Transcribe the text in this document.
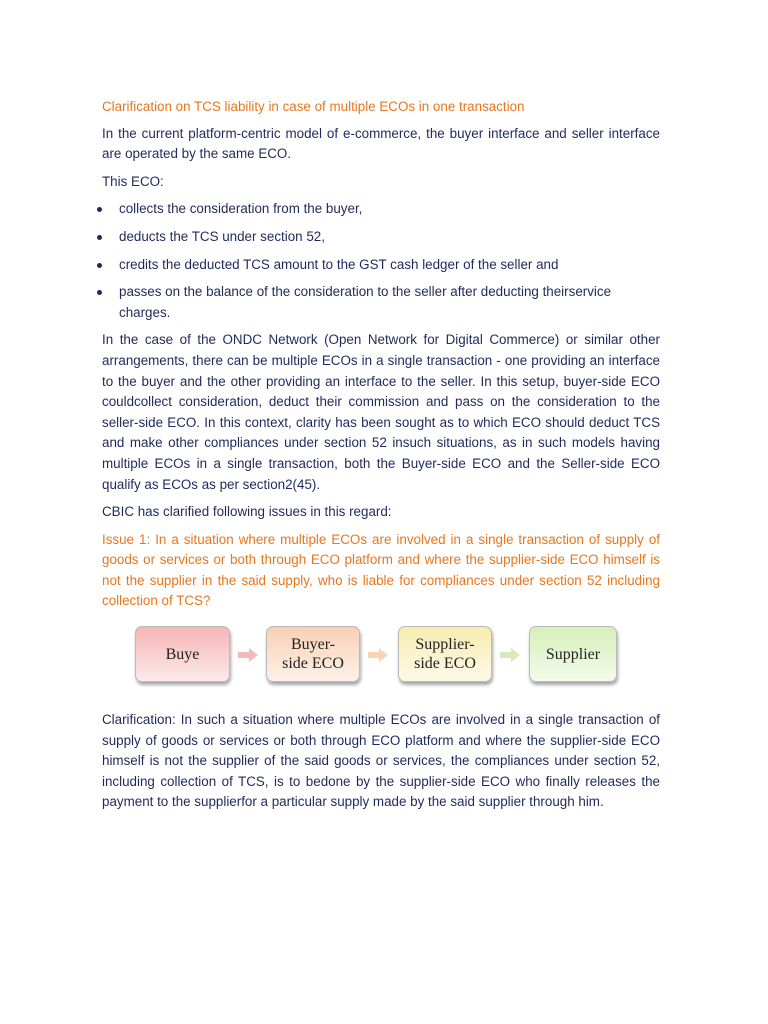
Clarification on TCS liability in case of multiple ECOs in one transaction

In the current platform-centric model of e-commerce, the buyer interface and seller interface are operated by the same ECO.

This ECO:

collects the consideration from the buyer,
deducts the TCS under section 52,
credits the deducted TCS amount to the GST cash ledger of the seller and
passes on the balance of the consideration to the seller after deducting theirservice charges.

In the case of the ONDC Network (Open Network for Digital Commerce) or similar other arrangements, there can be multiple ECOs in a single transaction - one providing an interface to the buyer and the other providing an interface to the seller. In this setup, buyer-side ECO couldcollect consideration, deduct their commission and pass on the consideration to the seller-side ECO. In this context, clarity has been sought as to which ECO should deduct TCS and make other compliances under section 52 insuch situations, as in such models having multiple ECOs in a single transaction, both the Buyer-side ECO and the Seller-side ECO qualify as ECOs as per section2(45).

CBIC has clarified following issues in this regard:

Issue 1: In a situation where multiple ECOs are involved in a single transaction of supply of goods or services or both through ECO platform and where the supplier-side ECO himself is not the supplier in the said supply, who is liable for compliances under section 52 including collection of TCS?

Buye
Buyer-
side ECO
Supplier-
side ECO
Supplier

Clarification: In such a situation where multiple ECOs are involved in a single transaction of supply of goods or services or both through ECO platform and where the supplier-side ECO himself is not the supplier of the said goods or services, the compliances under section 52, including collection of TCS, is to bedone by the supplier-side ECO who finally releases the payment to the supplierfor a particular supply made by the said supplier through him.
